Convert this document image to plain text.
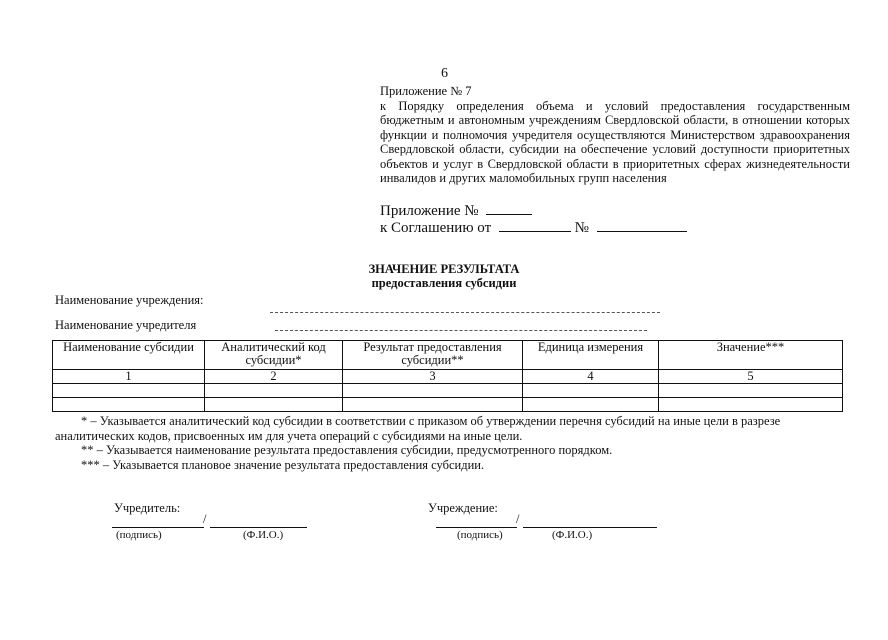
6
Приложение № 7
к Порядку определения объема и условий предоставления государственным бюджетным и автономным учреждениям Свердловской области, в отношении которых функции и полномочия учредителя осуществляются Министерством здравоохранения Свердловской области, субсидии на обеспечение условий доступности приоритетных объектов и услуг в Свердловской области в приоритетных сферах жизнедеятельности инвалидов и других маломобильных групп населения
Приложение №
к Соглашению от	№
ЗНАЧЕНИЕ РЕЗУЛЬТАТА
предоставления субсидии
Наименование учреждения:
Наименование учредителя
Наименование субсидии	Аналитический код субсидии*	Результат предоставления субсидии**	Единица измерения	Значение***
1	2	3	4	5

* – Указывается аналитический код субсидии в соответствии с приказом об утверждении перечня субсидий на иные цели в разрезе аналитических кодов, присвоенных им для учета операций с субсидиями на иные цели.
** – Указывается наименование результата предоставления субсидии, предусмотренного порядком.
*** – Указывается плановое значение результата предоставления субсидии.
Учредитель:
/
(подпись)	(Ф.И.О.)
Учреждение:
/
(подпись)	(Ф.И.О.)
